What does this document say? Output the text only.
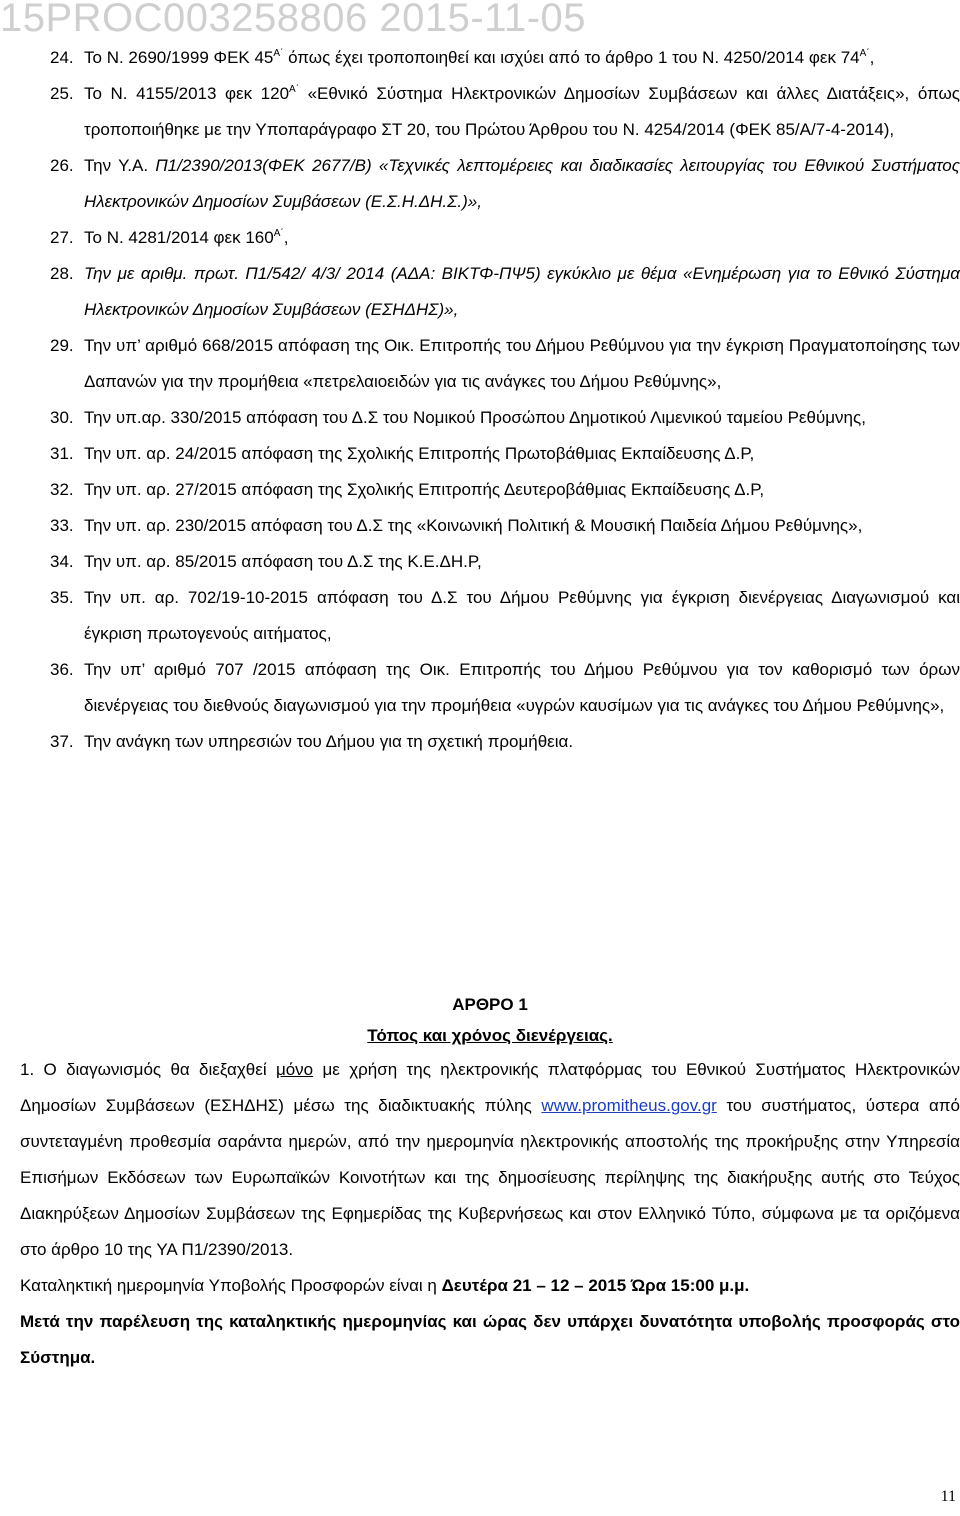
15PROC003258806 2015-11-05
24. Το Ν. 2690/1999 ΦΕΚ $45^{A΄}$ όπως έχει τροποποιηθεί και ισχύει από το άρθρο 1 του Ν. 4250/2014 φεκ $74^{A΄}$,
25. Το Ν. 4155/2013 φεκ $120^{A΄}$ «Εθνικό Σύστημα Ηλεκτρονικών Δημοσίων Συμβάσεων και άλλες Διατάξεις», όπως τροποποιήθηκε με την Υποπαράγραφο ΣΤ 20, του Πρώτου Άρθρου του Ν. 4254/2014 (ΦΕΚ 85/Α/7-4-2014),
26. Την Υ.Α. Π1/2390/2013(ΦΕΚ 2677/Β) «Τεχνικές λεπτομέρειες και διαδικασίες λειτουργίας του Εθνικού Συστήματος Ηλεκτρονικών Δημοσίων Συμβάσεων (Ε.Σ.Η.ΔΗ.Σ.)»,
27. Το Ν. 4281/2014 φεκ $160^{A΄}$,
28. Την με αριθμ. πρωτ. Π1/542/ 4/3/ 2014 (ΑΔΑ: ΒΙΚΤΦ-ΠΨ5) εγκύκλιο με θέμα «Ενημέρωση για το Εθνικό Σύστημα Ηλεκτρονικών Δημοσίων Συμβάσεων (ΕΣΗΔΗΣ)»,
29. Την υπ’ αριθμό 668/2015 απόφαση της Οικ. Επιτροπής του Δήμου Ρεθύμνου για την έγκριση Πραγματοποίησης των Δαπανών για την προμήθεια «πετρελαιοειδών για τις ανάγκες του Δήμου Ρεθύμνης»,
30. Την υπ.αρ. 330/2015 απόφαση του Δ.Σ του Νομικού Προσώπου Δημοτικού Λιμενικού ταμείου Ρεθύμνης,
31. Την υπ. αρ. 24/2015 απόφαση της Σχολικής Επιτροπής Πρωτοβάθμιας Εκπαίδευσης Δ.Ρ,
32. Την υπ. αρ. 27/2015 απόφαση της Σχολικής Επιτροπής Δευτεροβάθμιας Εκπαίδευσης Δ.Ρ,
33. Την υπ. αρ. 230/2015 απόφαση του Δ.Σ της «Κοινωνική Πολιτική & Μουσική Παιδεία Δήμου Ρεθύμνης»,
34. Την υπ. αρ. 85/2015 απόφαση του Δ.Σ της Κ.Ε.ΔΗ.Ρ,
35. Την υπ. αρ. 702/19-10-2015 απόφαση του Δ.Σ του Δήμου Ρεθύμνης για έγκριση διενέργειας Διαγωνισμού και έγκριση πρωτογενούς αιτήματος,
36. Την υπ’ αριθμό 707 /2015 απόφαση της Οικ. Επιτροπής του Δήμου Ρεθύμνου για τον καθορισμό των όρων διενέργειας του διεθνούς διαγωνισμού για την προμήθεια «υγρών καυσίμων για τις ανάγκες του Δήμου Ρεθύμνης»,
37. Την ανάγκη των υπηρεσιών του Δήμου για τη σχετική προμήθεια.
ΑΡΘΡΟ 1
Τόπος και χρόνος διενέργειας.
1. Ο διαγωνισμός θα διεξαχθεί μόνο με χρήση της ηλεκτρονικής πλατφόρμας του Εθνικού Συστήματος Ηλεκτρονικών Δημοσίων Συμβάσεων (ΕΣΗΔΗΣ) μέσω της διαδικτυακής πύλης www.promitheus.gov.gr του συστήματος, ύστερα από συντεταγμένη προθεσμία σαράντα ημερών, από την ημερομηνία ηλεκτρονικής αποστολής της προκήρυξης στην Υπηρεσία Επισήμων Εκδόσεων των Ευρωπαϊκών Κοινοτήτων και της δημοσίευσης περίληψης της διακήρυξης αυτής στο Τεύχος Διακηρύξεων Δημοσίων Συμβάσεων της Εφημερίδας της Κυβερνήσεως και στον Ελληνικό Τύπο, σύμφωνα με τα οριζόμενα στο άρθρο 10 της ΥΑ Π1/2390/2013.
Καταληκτική ημερομηνία Υποβολής Προσφορών είναι η Δευτέρα 21 – 12 – 2015 Ώρα 15:00 μ.μ.
Μετά την παρέλευση της καταληκτικής ημερομηνίας και ώρας δεν υπάρχει δυνατότητα υποβολής προσφοράς στο Σύστημα.
11
